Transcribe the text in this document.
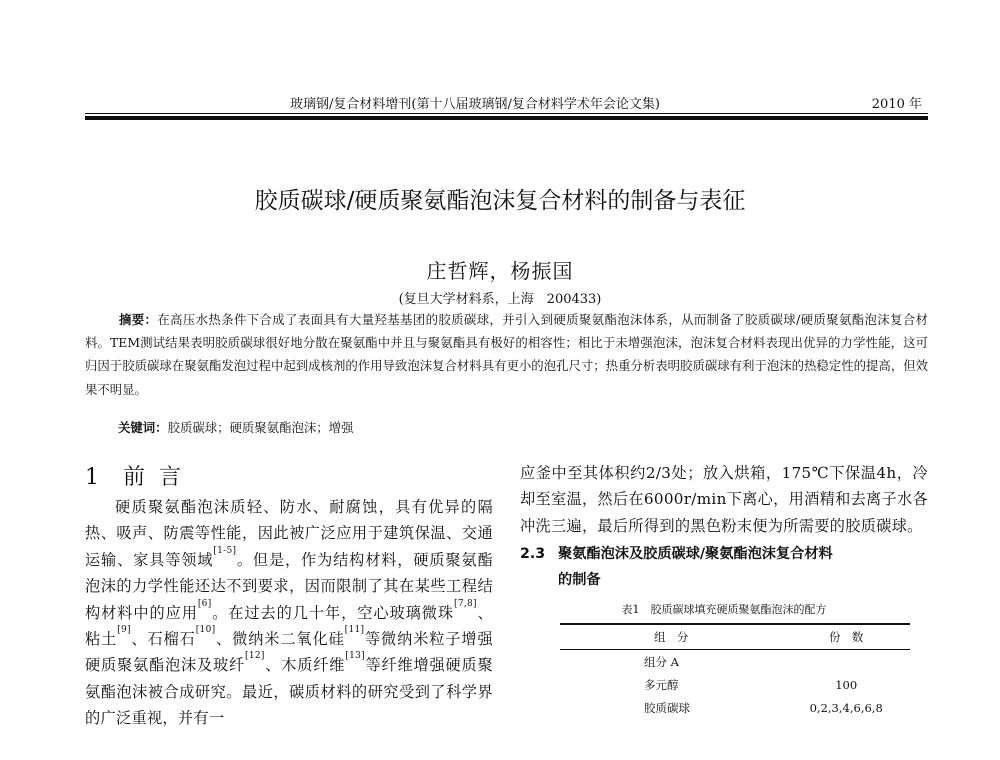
玻璃钢/复合材料增刊(第十八届玻璃钢/复合材料学术年会论文集)	2010 年
胶质碳球/硬质聚氨酯泡沫复合材料的制备与表征
庄哲辉，杨振国
(复旦大学材料系，上海　200433)
摘要：在高压水热条件下合成了表面具有大量羟基基团的胶质碳球，并引入到硬质聚氨酯泡沫体系，从而制备了胶质碳球/硬质聚氨酯泡沫复合材料。TEM测试结果表明胶质碳球很好地分散在聚氨酯中并且与聚氨酯具有极好的相容性；相比于未增强泡沫，泡沫复合材料表现出优异的力学性能，这可归因于胶质碳球在聚氨酯发泡过程中起到成核剂的作用导致泡沫复合材料具有更小的泡孔尺寸；热重分析表明胶质碳球有利于泡沫的热稳定性的提高，但效果不明显。
关键词：胶质碳球；硬质聚氨酯泡沫；增强
1 前言
硬质聚氨酯泡沫质轻、防水、耐腐蚀，具有优异的隔热、吸声、防震等性能，因此被广泛应用于建筑保温、交通运输、家具等领域[1-5]。但是，作为结构材料，硬质聚氨酯泡沫的力学性能还达不到要求，因而限制了其在某些工程结构材料中的应用[6]。在过去的几十年，空心玻璃微珠[7,8]、粘土[9]、石榴石[10]、微纳米二氧化硅[11]等微纳米粒子增强硬质聚氨酯泡沫及玻纤[12]、木质纤维[13]等纤维增强硬质聚氨酯泡沫被合成研究。最近，碳质材料的研究受到了科学界的广泛重视，并有一
应釜中至其体积约2/3处；放入烘箱，175℃下保温4h，冷却至室温，然后在6000r/min下离心，用酒精和去离子水各冲洗三遍，最后所得到的黑色粉末便为所需要的胶质碳球。
2.3 聚氨酯泡沫及胶质碳球/聚氨酯泡沫复合材料
的制备
表1　胶质碳球填充硬质聚氨酯泡沫的配方
组　分	份　数
组分 A	
多元醇	100
胶质碳球	0,2,3,4,6,6,8
